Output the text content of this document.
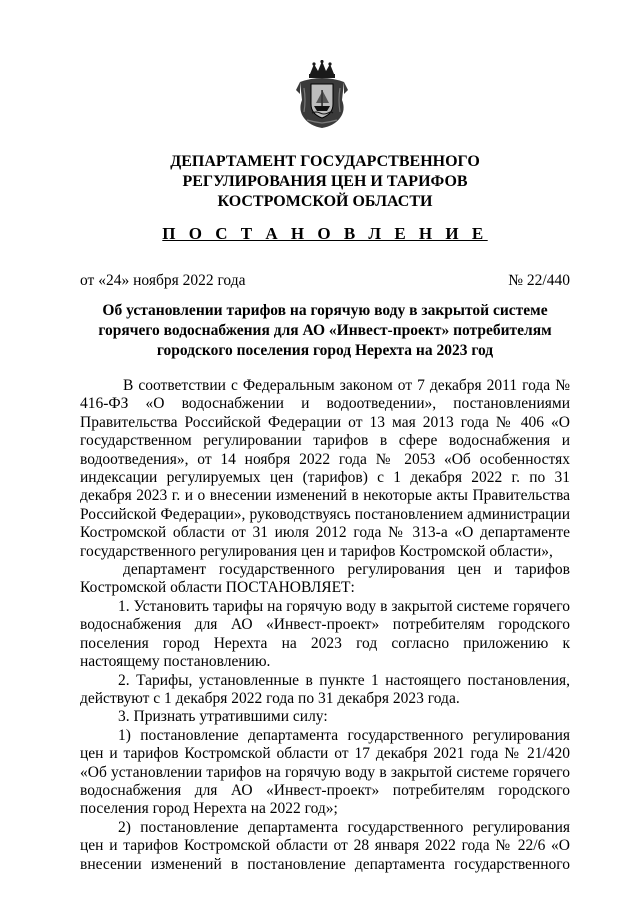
ДЕПАРТАМЕНТ ГОСУДАРСТВЕННОГО
РЕГУЛИРОВАНИЯ ЦЕН И ТАРИФОВ
КОСТРОМСКОЙ ОБЛАСТИ
П О С Т А Н О В Л Е Н И Е
от «24» ноября 2022 года	№ 22/440
Об установлении тарифов на горячую воду в закрытой системе
горячего водоснабжения для АО «Инвест-проект» потребителям
городского поселения город Нерехта на 2023 год

В соответствии с Федеральным законом от 7 декабря 2011 года № 416-ФЗ «О водоснабжении и водоотведении», постановлениями Правительства Российской Федерации от 13 мая 2013 года № 406 «О государственном регулировании тарифов в сфере водоснабжения и водоотведения», от 14 ноября 2022 года № 2053 «Об особенностях индексации регулируемых цен (тарифов) с 1 декабря 2022 г. по 31 декабря 2023 г. и о внесении изменений в некоторые акты Правительства Российской Федерации», руководствуясь постановлением администрации Костромской области от 31 июля 2012 года № 313-а «О департаменте государственного регулирования цен и тарифов Костромской области»,

департамент государственного регулирования цен и тарифов Костромской области ПОСТАНОВЛЯЕТ:

1. Установить тарифы на горячую воду в закрытой системе горячего водоснабжения для АО «Инвест-проект» потребителям городского поселения город Нерехта на 2023 год согласно приложению к настоящему постановлению.

2. Тарифы, установленные в пункте 1 настоящего постановления, действуют с 1 декабря 2022 года по 31 декабря 2023 года.

3. Признать утратившими силу:

1) постановление департамента государственного регулирования цен и тарифов Костромской области от 17 декабря 2021 года № 21/420 «Об установлении тарифов на горячую воду в закрытой системе горячего водоснабжения для АО «Инвест-проект» потребителям городского поселения город Нерехта на 2022 год»;

2) постановление департамента государственного регулирования цен и тарифов Костромской области от 28 января 2022 года № 22/6 «О внесении изменений в постановление департамента государственного
